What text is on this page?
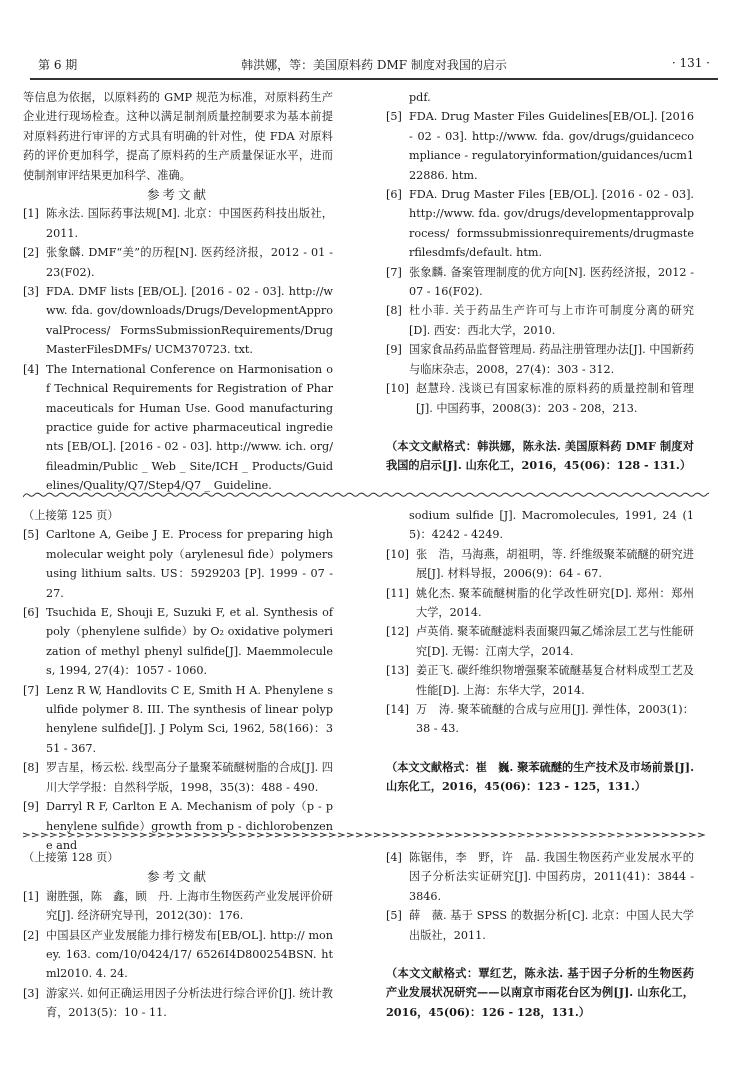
第 6 期	韩洪娜，等：美国原料药 DMF 制度对我国的启示	· 131 ·

等信息为依据，以原料药的 GMP 规范为标准，对原料药生产企业进行现场检查。这种以满足制剂质量控制要求为基本前提对原料药进行审评的方式具有明确的针对性，使 FDA 对原料药的评价更加科学，提高了原料药的生产质量保证水平，进而使制剂审评结果更加科学、准确。

参考文献
[1] 陈永法. 国际药事法规[M]. 北京：中国医药科技出版社，2011.
[2] 张象麟. DMF“美”的历程[N]. 医药经济报，2012 - 01 - 23(F02).
[3] FDA. DMF lists [EB/OL]. [2016 - 02 - 03]. http://www. fda. gov/downloads/Drugs/DevelopmentApprovalProcess/ FormsSubmissionRequirements/DrugMasterFilesDMFs/ UCM370723. txt.
[4] The International Conference on Harmonisation of Technical Requirements for Registration of Pharmaceuticals for Human Use. Good manufacturing practice guide for active pharmaceutical ingredients [EB/OL]. [2016 - 02 - 03]. http://www. ich. org/fileadmin/Public _ Web _ Site/ICH _ Products/Guidelines/Quality/Q7/Step4/Q7 _ Guideline.
pdf.
[5] FDA. Drug Master Files Guidelines[EB/OL]. [2016 - 02 - 03]. http://www. fda. gov/drugs/guidancecompliance - regulatoryinformation/guidances/ucm122886. htm.
[6] FDA. Drug Master Files [EB/OL]. [2016 - 02 - 03]. http://www. fda. gov/drugs/developmentapprovalprocess/ formssubmissionrequirements/drugmasterfilesdmfs/default. htm.
[7] 张象麟. 备案管理制度的优方向[N]. 医药经济报，2012 - 07 - 16(F02).
[8] 杜小菲. 关于药品生产许可与上市许可制度分离的研究[D]. 西安：西北大学，2010.
[9] 国家食品药品监督管理局. 药品注册管理办法[J]. 中国新药与临床杂志，2008，27(4)：303 - 312.
[10] 赵慧玲. 浅谈已有国家标准的原料药的质量控制和管理[J]. 中国药事，2008(3)：203 - 208，213.
（本文文献格式：韩洪娜，陈永法. 美国原料药 DMF 制度对我国的启示[J]. 山东化工，2016，45(06)：128 - 131.）
（上接第 125 页）
[5] Carltone A, Geibe J E. Process for preparing high molecular weight poly（arylenesul fide）polymers using lithium salts. US：5929203 [P]. 1999 - 07 - 27.
[6] Tsuchida E, Shouji E, Suzuki F, et al. Synthesis of poly（phenylene sulfide）by O₂ oxidative polymerization of methyl phenyl sulfide[J]. Maemmolecules, 1994, 27(4)：1057 - 1060.
[7] Lenz R W, Handlovits C E, Smith H A. Phenylene sulfide polymer 8. III. The synthesis of linear polyphenylene sulfide[J]. J Polym Sci, 1962, 58(166)：351 - 367.
[8] 罗吉星，杨云松. 线型高分子量聚苯硫醚树脂的合成[J]. 四川大学学报：自然科学版，1998，35(3)：488 - 490.
[9] Darryl R F, Carlton E A. Mechanism of poly（p - phenylene sulfide）growth from p - dichlorobenzene and
sodium sulfide [J]. Macromolecules, 1991, 24 (15)：4242 - 4249.
[10] 张　浩，马海燕，胡祖明，等. 纤维级聚苯硫醚的研究进展[J]. 材料导报，2006(9)：64 - 67.
[11] 姚化杰. 聚苯硫醚树脂的化学改性研究[D]. 郑州：郑州大学，2014.
[12] 卢英俏. 聚苯硫醚滤料表面聚四氟乙烯涂层工艺与性能研究[D]. 无锡：江南大学，2014.
[13] 姜正飞. 碳纤维织物增强聚苯硫醚基复合材料成型工艺及性能[D]. 上海：东华大学，2014.
[14] 万　涛. 聚苯硫醚的合成与应用[J]. 弹性体，2003(1)：38 - 43.
（本文文献格式：崔　巍. 聚苯硫醚的生产技术及市场前景[J]. 山东化工，2016，45(06)：123 - 125，131.）
（上接第 128 页）
参考文献
[1] 谢胜强，陈　鑫，顾　丹. 上海市生物医药产业发展评价研究[J]. 经济研究导刊，2012(30)：176.
[2] 中国县区产业发展能力排行榜发布[EB/OL]. http:// money. 163. com/10/0424/17/ 6526I4D800254BSN. html2010. 4. 24.
[3] 游家兴. 如何正确运用因子分析法进行综合评价[J]. 统计教育，2013(5)：10 - 11.
[4] 陈锯伟，李　野，许　晶. 我国生物医药产业发展水平的因子分析法实证研究[J]. 中国药房，2011(41)：3844 - 3846.
[5] 薛　薇. 基于 SPSS 的数据分析[C]. 北京：中国人民大学出版社，2011.
（本文文献格式：覃红艺，陈永法. 基于因子分析的生物医药产业发展状况研究——以南京市雨花台区为例[J]. 山东化工，2016，45(06)：126 - 128，131.）
